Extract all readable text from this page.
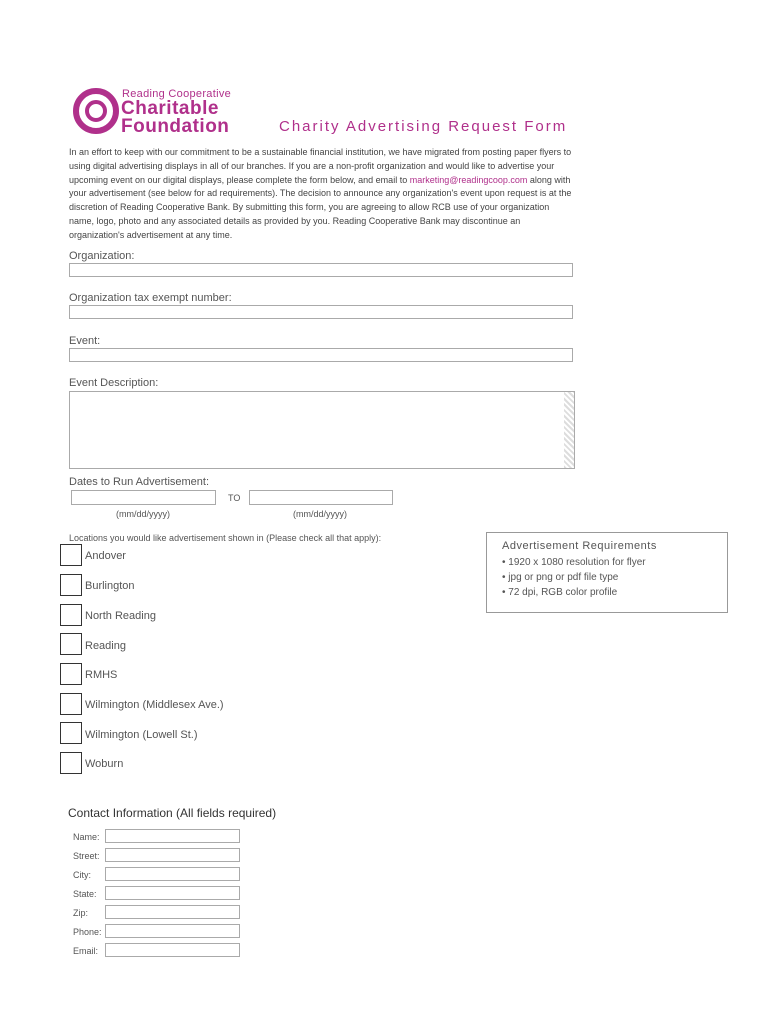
Reading Cooperative
Charitable
Foundation	Charity Advertising Request Form
In an effort to keep with our commitment to be a sustainable financial institution, we have migrated from posting paper flyers to using digital advertising displays in all of our branches. If you are a non-profit organization and would like to advertise your upcoming event on our digital displays, please complete the form below, and email to marketing@readingcoop.com along with your advertisement (see below for ad requirements). The decision to announce any organization's event upon request is at the discretion of Reading Cooperative Bank. By submitting this form, you are agreeing to allow RCB use of your organization name, logo, photo and any associated details as provided by you. Reading Cooperative Bank may discontinue an organization's advertisement at any time.
Organization:
Organization tax exempt number:
Event:
Event Description:
Dates to Run Advertisement:
TO
(mm/dd/yyyy)	(mm/dd/yyyy)
Locations you would like advertisement shown in (Please check all that apply):
Andover
Burlington
North Reading
Reading
RMHS
Wilmington (Middlesex Ave.)
Wilmington (Lowell St.)
Woburn
Advertisement Requirements
• 1920 x 1080 resolution for flyer
• jpg or png or pdf file type
• 72 dpi, RGB color profile
Contact Information (All fields required)
Name:
Street:
City:
State:
Zip:
Phone:
Email:
